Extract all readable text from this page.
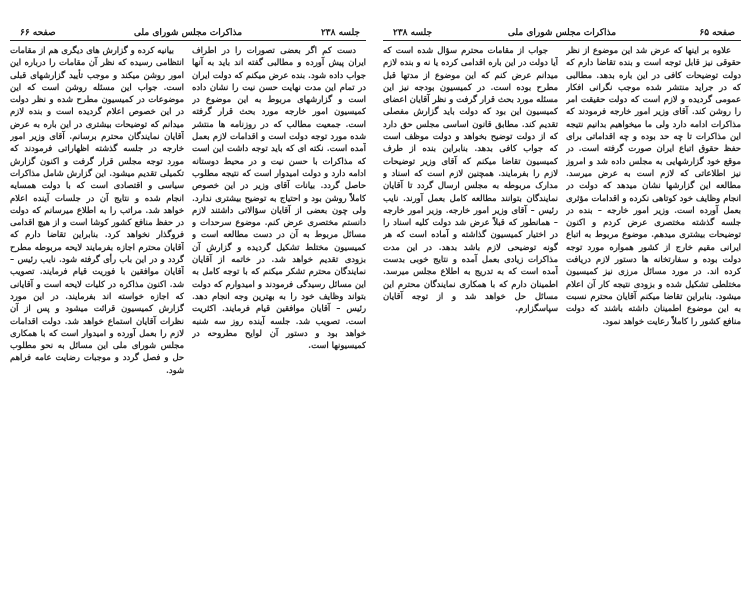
جلسه ۲۳۸
مذاکرات مجلس شورای ملی
صفحه ۶۶

دست کم اگر بعضی تصورات را در اطراف ایران پیش آورده و مطالبی گفته اند باید به آنها جواب داده شود. بنده عرض میکنم که دولت ایران در تمام این مدت نهایت حسن نیت را نشان داده است و گزارشهای مربوط به این موضوع در کمیسیون امور خارجه مورد بحث قرار گرفته است. جمعیت مطالب که در روزنامه ها منتشر شده مورد توجه دولت است و اقدامات لازم بعمل آمده است. نکته ای که باید توجه داشت این است که مذاکرات با حسن نیت و در محیط دوستانه ادامه دارد و دولت امیدوار است که نتیجه مطلوب حاصل گردد. بیانات آقای وزیر در این خصوص کاملاً روشن بود و احتیاج به توضیح بیشتری ندارد. ولی چون بعضی از آقایان سؤالاتی داشتند لازم دانستم مختصری عرض کنم. موضوع سرحدات و مسائل مربوط به آن در دست مطالعه است و کمیسیون مختلط تشکیل گردیده و گزارش آن بزودی تقدیم خواهد شد. در خاتمه از آقایان نمایندگان محترم تشکر میکنم که با توجه کامل به این مسائل رسیدگی فرمودند و امیدوارم که دولت بتواند وظایف خود را به بهترین وجه انجام دهد. رئیس – آقایان موافقین قیام فرمایند. اکثریت است. تصویب شد. جلسه آینده روز سه شنبه خواهد بود و دستور آن لوایح مطروحه در کمیسیونها است.

بیانیه کرده و گزارش های دیگری هم از مقامات انتظامی رسیده که نظر آن مقامات را درباره این امور روشن میکند و موجب تأیید گزارشهای قبلی است. جواب این مسئله روشن است که این موضوعات در کمیسیون مطرح شده و نظر دولت در این خصوص اعلام گردیده است و بنده لازم میدانم که توضیحات بیشتری در این باره به عرض آقایان نمایندگان محترم برسانم. آقای وزیر امور خارجه در جلسه گذشته اظهاراتی فرمودند که مورد توجه مجلس قرار گرفت و اکنون گزارش تکمیلی تقدیم میشود. این گزارش شامل مذاکرات سیاسی و اقتصادی است که با دولت همسایه انجام شده و نتایج آن در جلسات آینده اعلام خواهد شد. مراتب را به اطلاع میرسانم که دولت در حفظ منافع کشور کوشا است و از هیچ اقدامی فروگذار نخواهد کرد. بنابراین تقاضا دارم که آقایان محترم اجازه بفرمایند لایحه مربوطه مطرح گردد و در این باب رأی گرفته شود. نایب رئیس – آقایان موافقین با فوریت قیام فرمایند. تصویب شد. اکنون مذاکره در کلیات لایحه است و آقایانی که اجازه خواسته اند بفرمایند. در این مورد گزارش کمیسیون قرائت میشود و پس از آن نظرات آقایان استماع خواهد شد. دولت اقدامات لازم را بعمل آورده و امیدوار است که با همکاری مجلس شورای ملی این مسائل به نحو مطلوب حل و فصل گردد و موجبات رضایت عامه فراهم شود.

جلسه ۲۳۸	مذاکرات مجلس شورای ملی	صفحه ۶۵

علاوه بر اینها که عرض شد این موضوع از نظر حقوقی نیز قابل توجه است و بنده تقاضا دارم که دولت توضیحات کافی در این باره بدهد. مطالبی که در جراید منتشر شده موجب نگرانی افکار عمومی گردیده و لازم است که دولت حقیقت امر را روشن کند. آقای وزیر امور خارجه فرمودند که مذاکرات ادامه دارد ولی ما میخواهیم بدانیم نتیجه این مذاکرات تا چه حد بوده و چه اقداماتی برای حفظ حقوق اتباع ایران صورت گرفته است. در موقع خود گزارشهایی به مجلس داده شد و امروز نیز اطلاعاتی که لازم است به عرض میرسد. مطالعه این گزارشها نشان میدهد که دولت در انجام وظایف خود کوتاهی نکرده و اقدامات مؤثری بعمل آورده است. وزیر امور خارجه – بنده در جلسه گذشته مختصری عرض کردم و اکنون توضیحات بیشتری میدهم. موضوع مربوط به اتباع ایرانی مقیم خارج از کشور همواره مورد توجه دولت بوده و سفارتخانه ها دستور لازم دریافت کرده اند. در مورد مسائل مرزی نیز کمیسیون مختلطی تشکیل شده و بزودی نتیجه کار آن اعلام میشود. بنابراین تقاضا میکنم آقایان محترم نسبت به این موضوع اطمینان داشته باشند که دولت منافع کشور را کاملاً رعایت خواهد نمود.

جواب از مقامات محترم سؤال شده است که آیا دولت در این باره اقدامی کرده یا نه و بنده لازم میدانم عرض کنم که این موضوع از مدتها قبل مطرح بوده است. در کمیسیون بودجه نیز این مسئله مورد بحث قرار گرفت و نظر آقایان اعضای کمیسیون این بود که دولت باید گزارش مفصلی تقدیم کند. مطابق قانون اساسی مجلس حق دارد که از دولت توضیح بخواهد و دولت موظف است که جواب کافی بدهد. بنابراین بنده از طرف کمیسیون تقاضا میکنم که آقای وزیر توضیحات لازم را بفرمایند. همچنین لازم است که اسناد و مدارک مربوطه به مجلس ارسال گردد تا آقایان نمایندگان بتوانند مطالعه کامل بعمل آورند. نایب رئیس – آقای وزیر امور خارجه. وزیر امور خارجه – همانطور که قبلاً عرض شد دولت کلیه اسناد را در اختیار کمیسیون گذاشته و آماده است که هر گونه توضیحی لازم باشد بدهد. در این مدت مذاکرات زیادی بعمل آمده و نتایج خوبی بدست آمده است که به تدریج به اطلاع مجلس میرسد. اطمینان دارم که با همکاری نمایندگان محترم این مسائل حل خواهد شد و از توجه آقایان سپاسگزارم.
